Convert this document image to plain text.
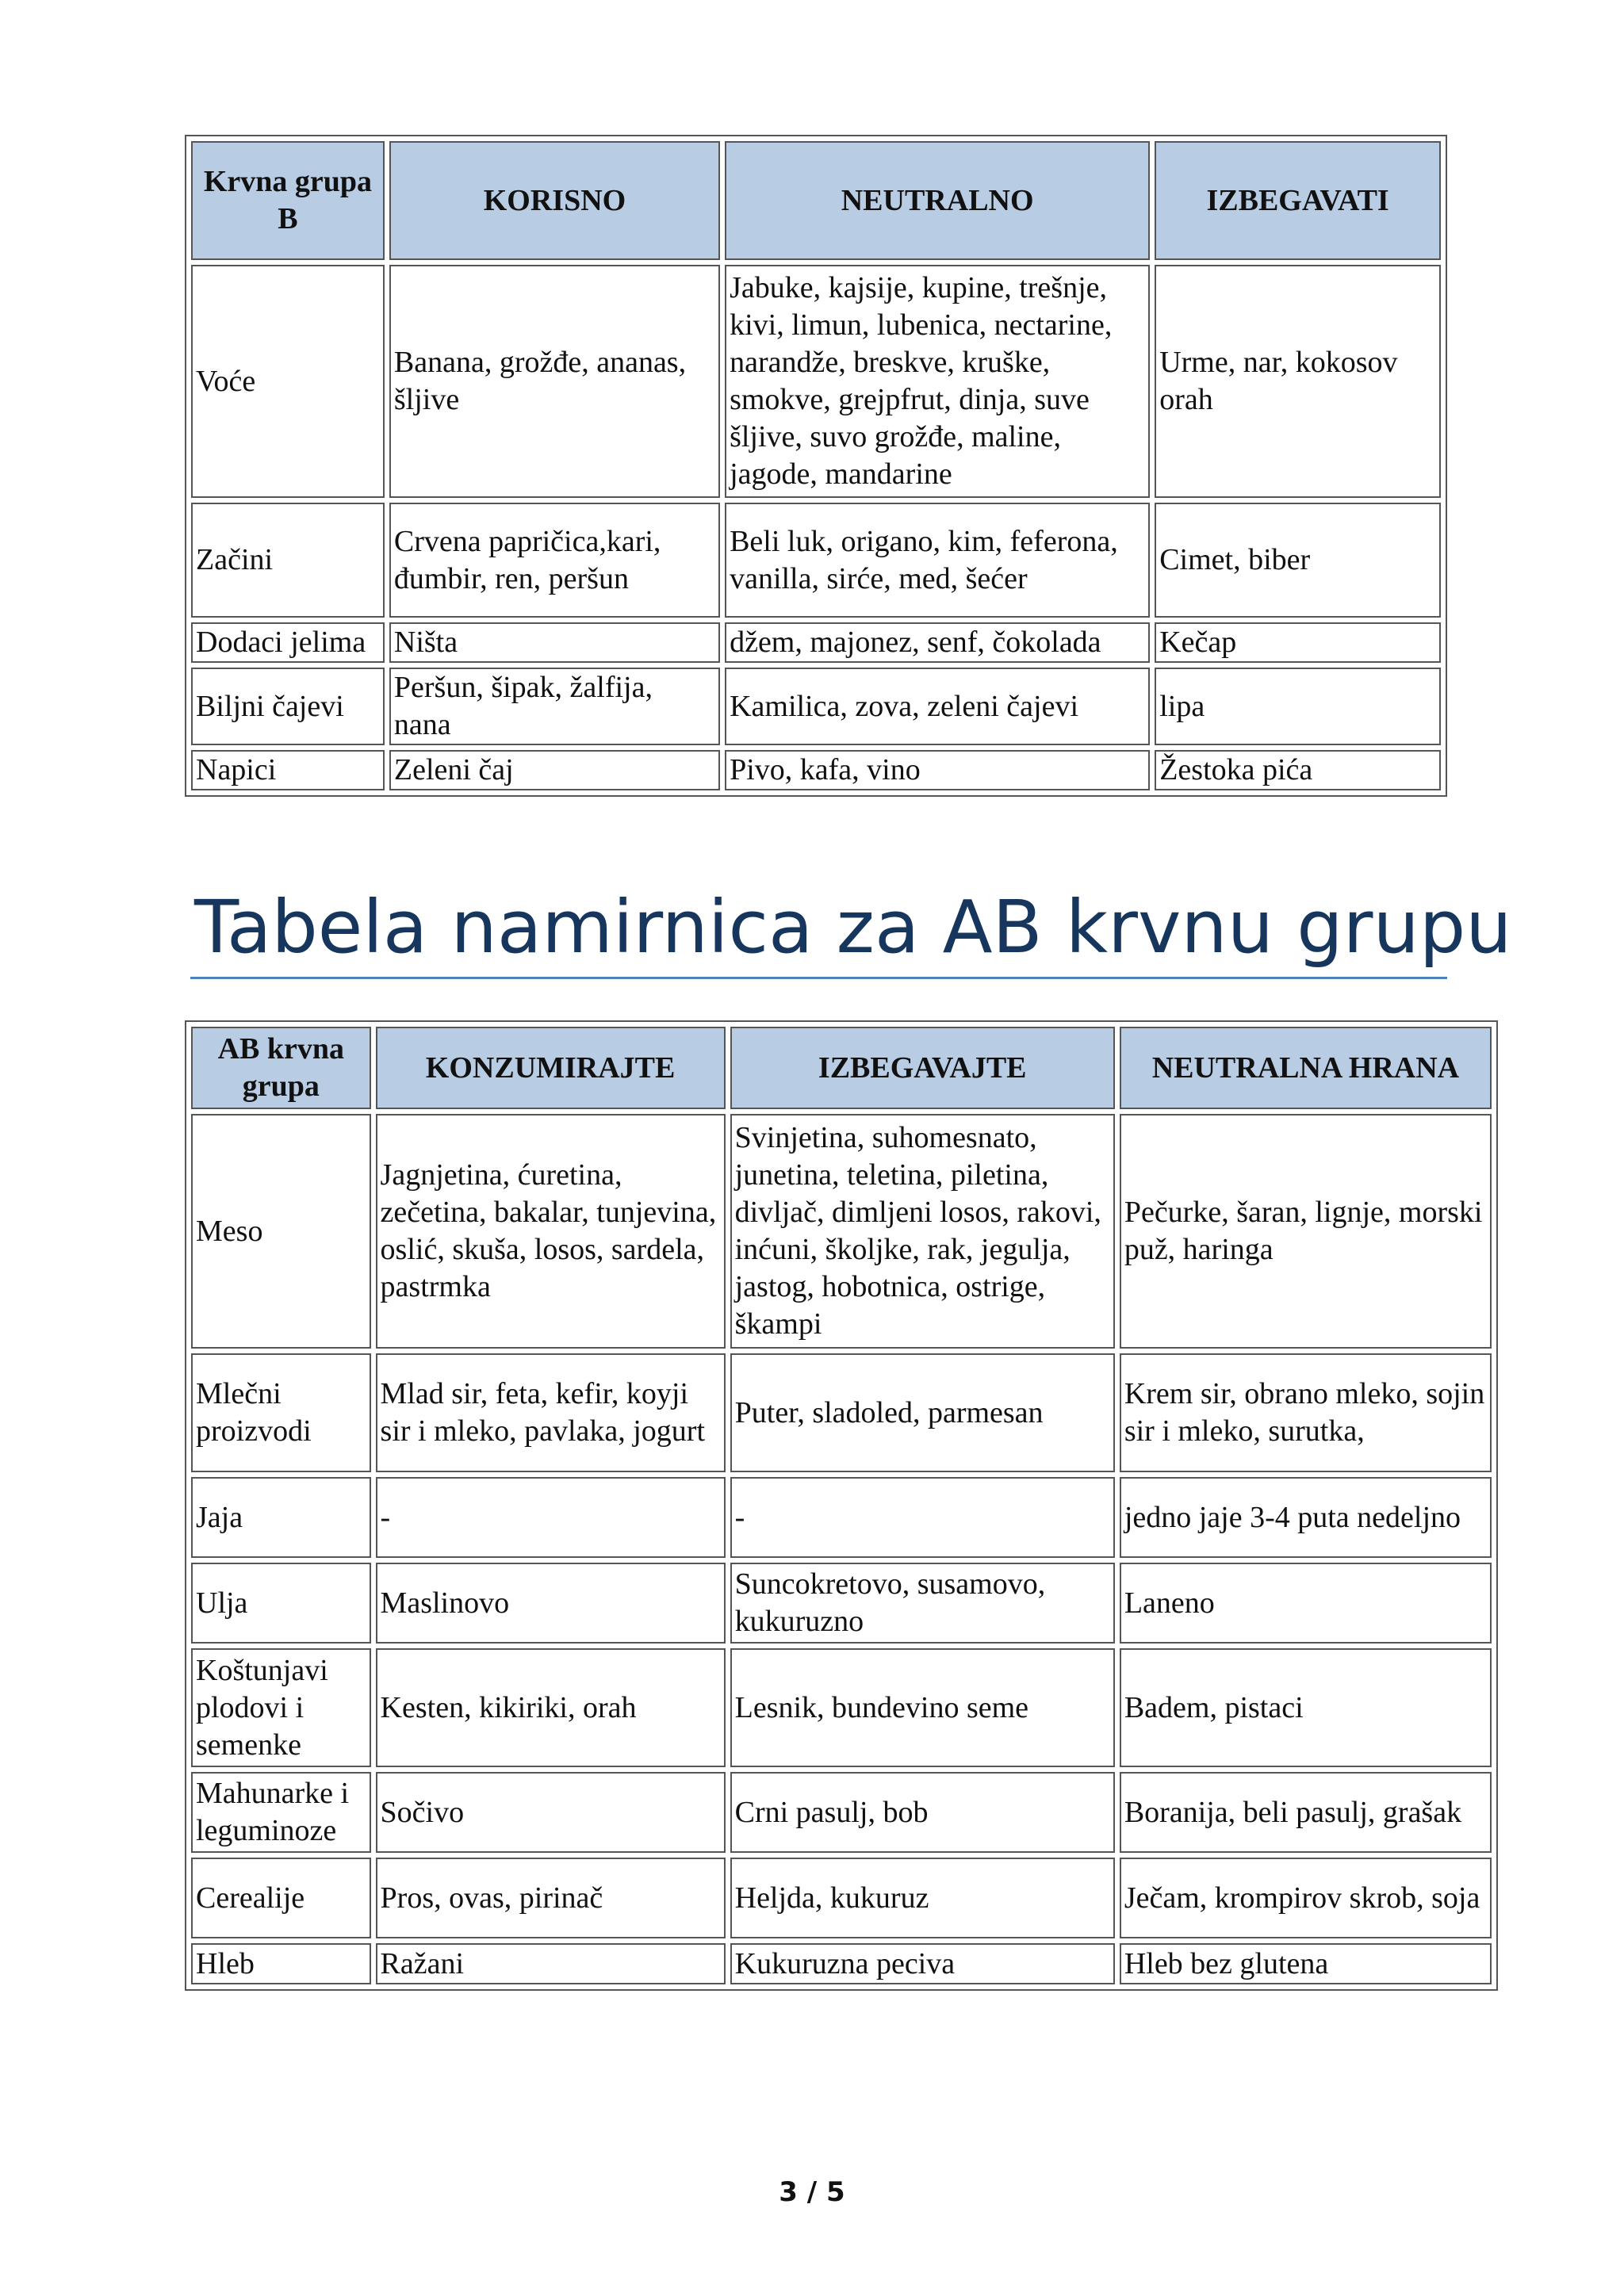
Krvna grupa B	KORISNO	NEUTRALNO	IZBEGAVATI
Voće	Banana, grožđe, ananas, šljive	Jabuke, kajsije, kupine, trešnje, kivi, limun, lubenica, nectarine, narandže, breskve, kruške, smokve, grejpfrut, dinja, suve šljive, suvo grožđe, maline, jagode, mandarine	Urme, nar, kokosov orah
Začini	Crvena papričica,kari, đumbir, ren, peršun	Beli luk, origano, kim, feferona, vanilla, sirće, med, šećer	Cimet, biber
Dodaci jelima	Ništa	džem, majonez, senf, čokolada	Kečap
Biljni čajevi	Peršun, šipak, žalfija, nana	Kamilica, zova, zeleni čajevi	lipa
Napici	Zeleni čaj	Pivo, kafa, vino	Žestoka pića
Tabela namirnica za AB krvnu grupu
AB krvna grupa	KONZUMIRAJTE	IZBEGAVAJTE	NEUTRALNA HRANA
Meso	Jagnjetina, ćuretina, zečetina, bakalar, tunjevina, oslić, skuša, losos, sardela, pastrmka	Svinjetina, suhomesnato, junetina, teletina, piletina, divljač, dimljeni losos, rakovi, inćuni, školjke, rak, jegulja, jastog, hobotnica, ostrige, škampi	Pečurke, šaran, lignje, morski puž, haringa
Mlečni proizvodi	Mlad sir, feta, kefir, koyji sir i mleko, pavlaka, jogurt	Puter, sladoled, parmesan	Krem sir, obrano mleko, sojin sir i mleko, surutka,
Jaja	-	-	jedno jaje 3-4 puta nedeljno
Ulja	Maslinovo	Suncokretovo, susamovo, kukuruzno	Laneno
Koštunjavi plodovi i semenke	Kesten, kikiriki, orah	Lesnik, bundevino seme	Badem, pistaci
Mahunarke i leguminoze	Sočivo	Crni pasulj, bob	Boranija, beli pasulj, grašak
Cerealije	Pros, ovas, pirinač	Heljda, kukuruz	Ječam, krompirov skrob, soja
Hleb	Ražani	Kukuruzna peciva	Hleb bez glutena
3 / 5
